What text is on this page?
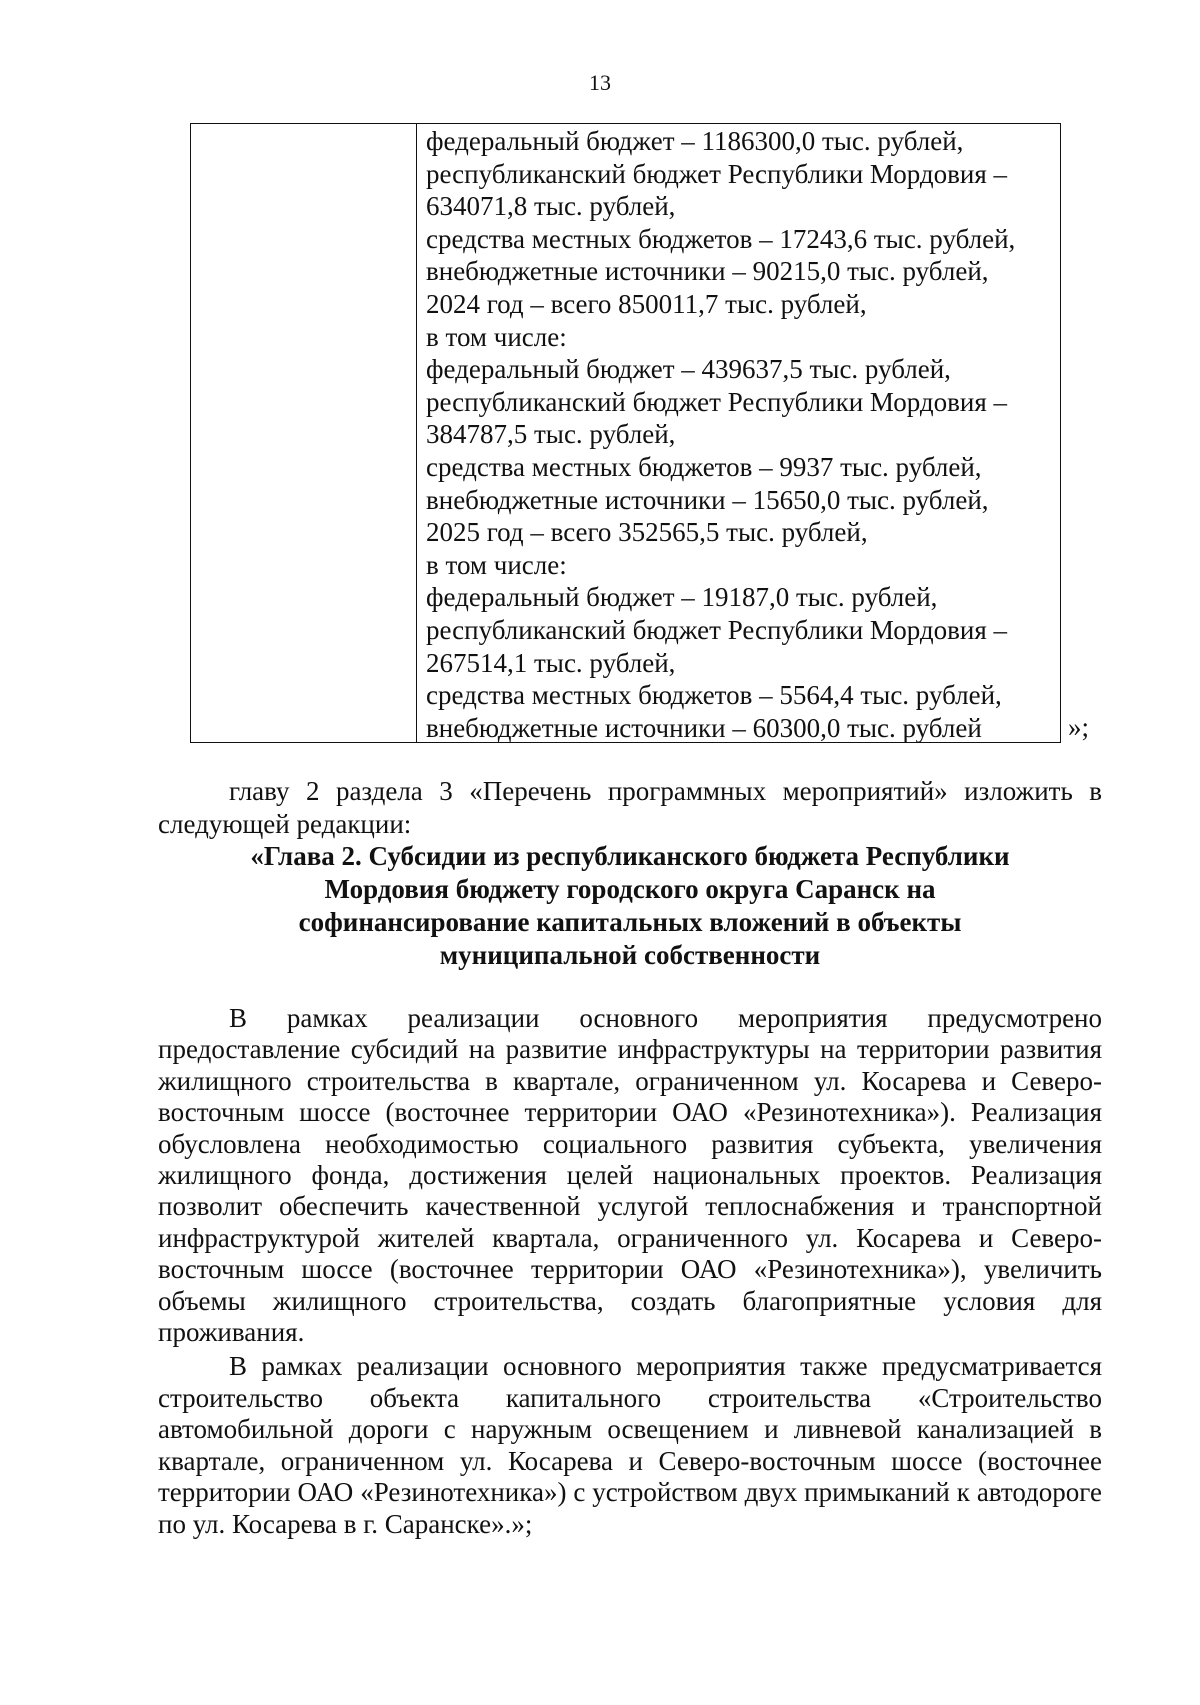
13
федеральный бюджет – 1186300,0 тыс. рублей,
республиканский бюджет Республики Мордовия –
634071,8 тыс. рублей,
средства местных бюджетов – 17243,6 тыс. рублей,
внебюджетные источники – 90215,0 тыс. рублей,
2024 год – всего 850011,7 тыс. рублей,
в том числе:
федеральный бюджет – 439637,5 тыс. рублей,
республиканский бюджет Республики Мордовия –
384787,5 тыс. рублей,
средства местных бюджетов – 9937 тыс. рублей,
внебюджетные источники – 15650,0 тыс. рублей,
2025 год – всего 352565,5 тыс. рублей,
в том числе:
федеральный бюджет – 19187,0 тыс. рублей,
республиканский бюджет Республики Мордовия –
267514,1 тыс. рублей,
средства местных бюджетов – 5564,4 тыс. рублей,
внебюджетные источники – 60300,0 тыс. рублей	»;
главу 2 раздела 3 «Перечень программных мероприятий» изложить в
следующей редакции:
«Глава 2. Субсидии из республиканского бюджета Республики
Мордовия бюджету городского округа Саранск на
софинансирование капитальных вложений в объекты
муниципальной собственности

В рамках реализации основного мероприятия предусмотрено предоставление субсидий на развитие инфраструктуры на территории развития жилищного строительства в квартале, ограниченном ул. Косарева и Северо-восточным шоссе (восточнее территории ОАО «Резинотехника»). Реализация обусловлена необходимостью социального развития субъекта, увеличения жилищного фонда, достижения целей национальных проектов. Реализация позволит обеспечить качественной услугой теплоснабжения и транспортной инфраструктурой жителей квартала, ограниченного ул. Косарева и Северо-восточным шоссе (восточнее территории ОАО «Резинотехника»), увеличить объемы жилищного строительства, создать благоприятные условия для проживания.

В рамках реализации основного мероприятия также предусматривается строительство объекта капитального строительства «Строительство автомобильной дороги с наружным освещением и ливневой канализацией в квартале, ограниченном ул. Косарева и Северо-восточным шоссе (восточнее территории ОАО «Резинотехника») с устройством двух примыканий к автодороге по ул. Косарева в г. Саранске».»;
